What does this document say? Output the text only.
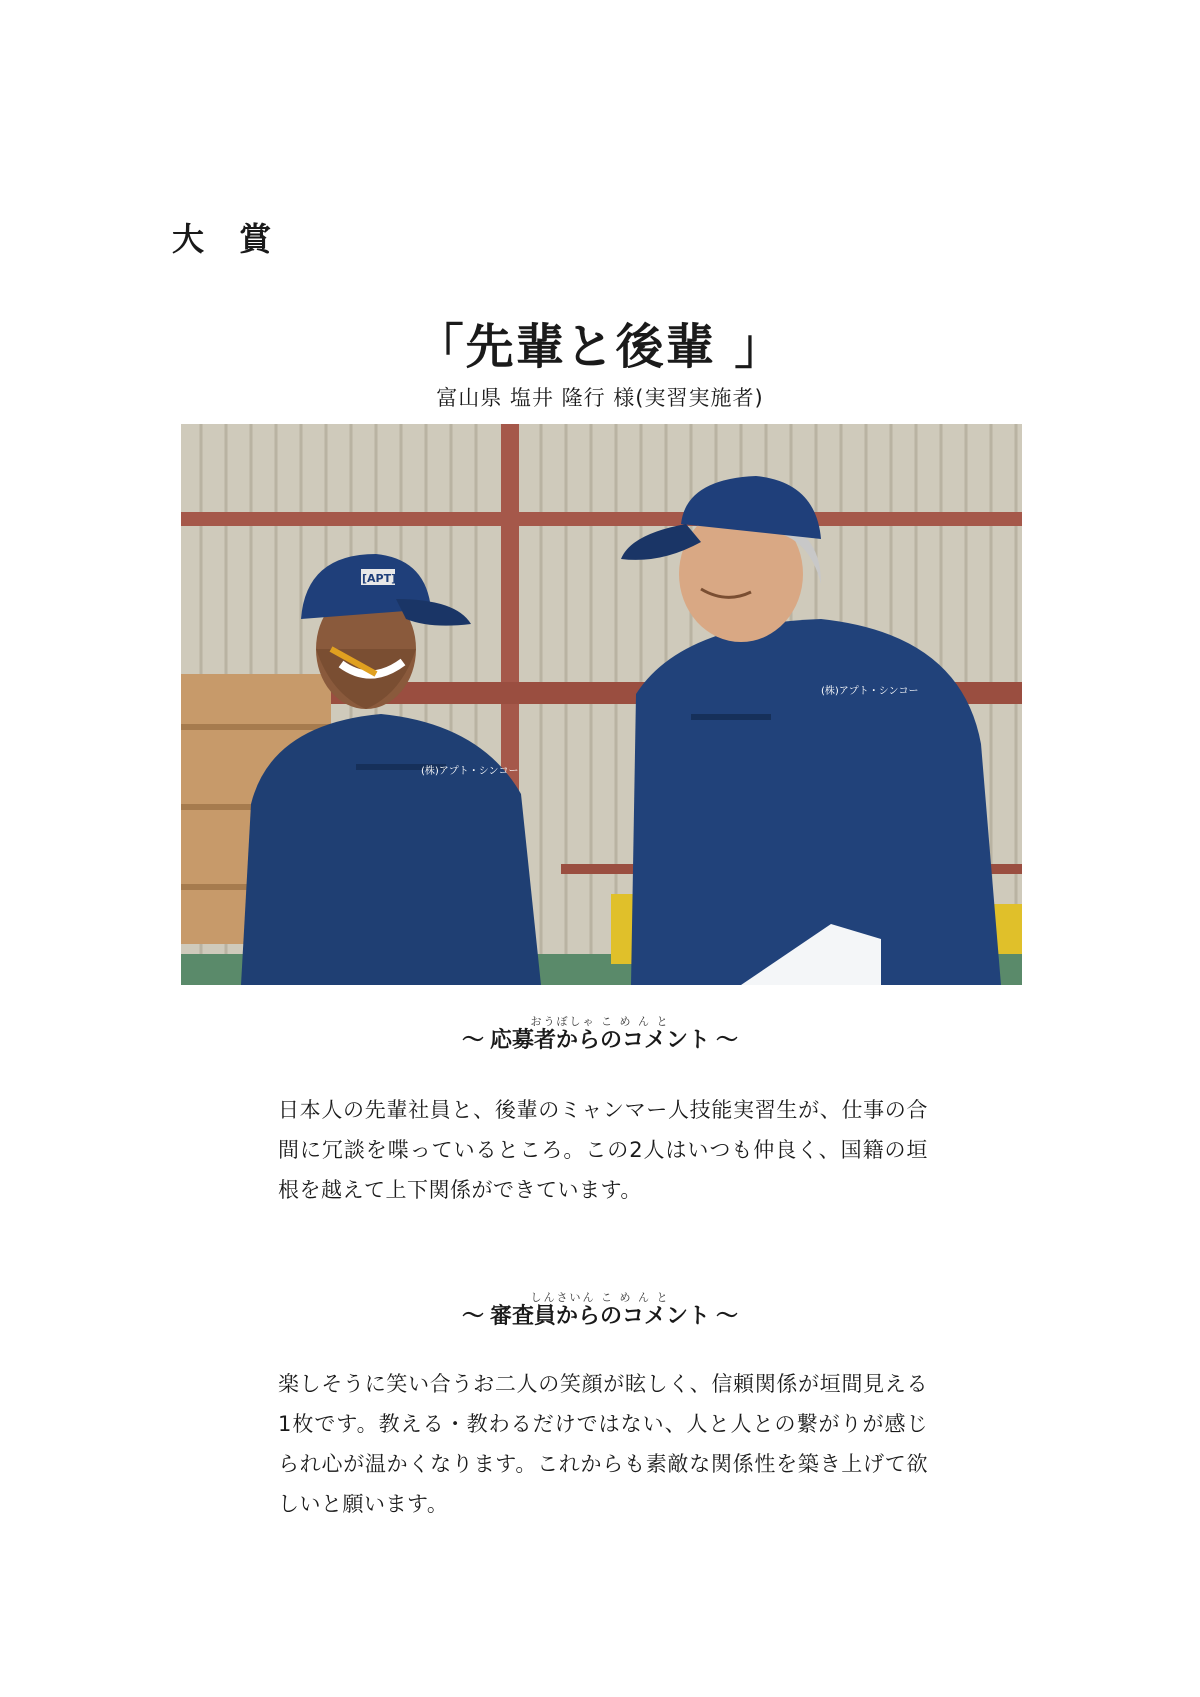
大 賞
「先輩と後輩 」
富山県 塩井 隆行 様(実習実施者)
(株)アプト・シンコー
(株)アプト・シンコー
[APT]
おうぼしゃ こ め ん と
〜 応募者からのコメント 〜
日本人の先輩社員と、後輩のミャンマー人技能実習生が、仕事の合間に冗談を喋っているところ。この2人はいつも仲良く、国籍の垣根を越えて上下関係ができています。
しんさいん こ め ん と
〜 審査員からのコメント 〜
楽しそうに笑い合うお二人の笑顔が眩しく、信頼関係が垣間見える1枚です。教える・教わるだけではない、人と人との繋がりが感じられ心が温かくなります。これからも素敵な関係性を築き上げて欲しいと願います。
